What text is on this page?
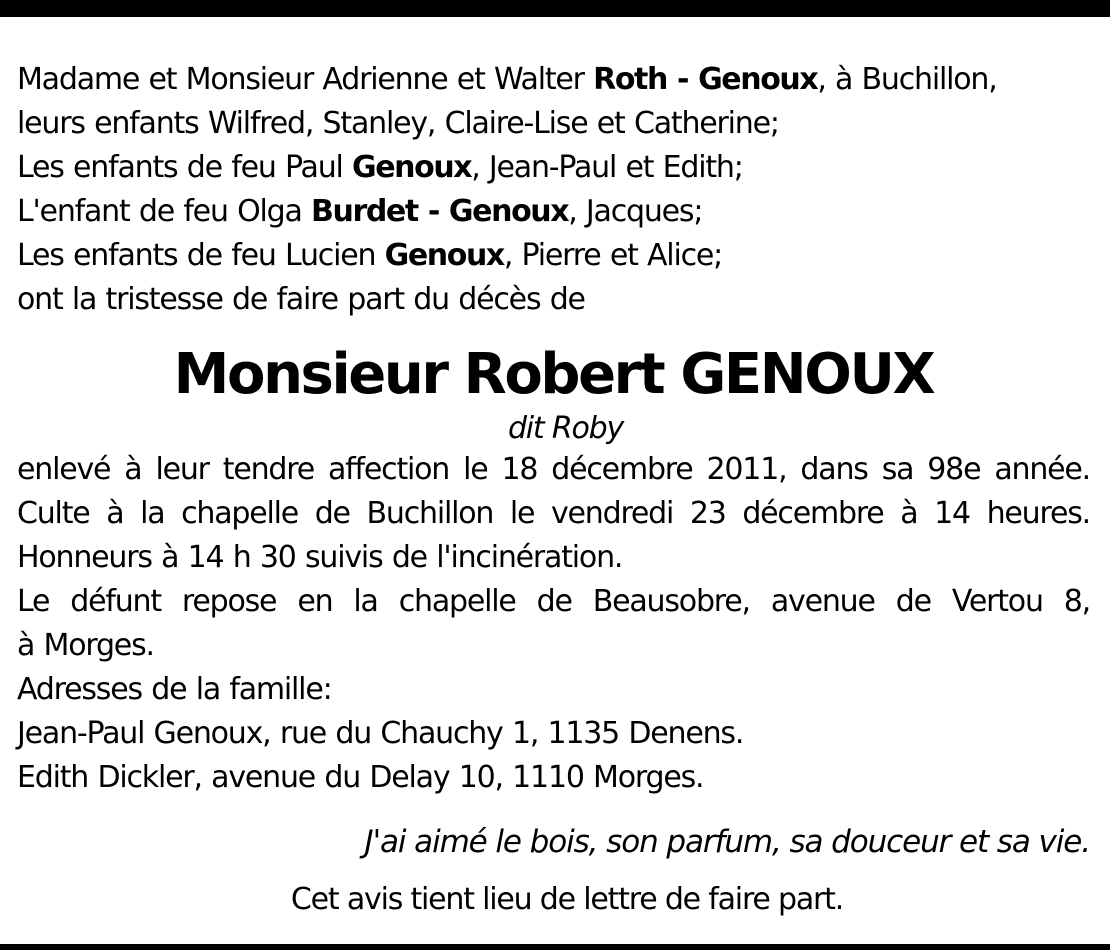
Madame et Monsieur Adrienne et Walter Roth - Genoux, à Buchillon,
leurs enfants Wilfred, Stanley, Claire-Lise et Catherine;
Les enfants de feu Paul Genoux, Jean-Paul et Edith;
L'enfant de feu Olga Burdet - Genoux, Jacques;
Les enfants de feu Lucien Genoux, Pierre et Alice;
ont la tristesse de faire part du décès de
Monsieur Robert GENOUX
dit Roby
enlevé à leur tendre affection le 18 décembre 2011, dans sa 98e année.
Culte à la chapelle de Buchillon le vendredi 23 décembre à 14 heures.
Honneurs à 14 h 30 suivis de l'incinération.
Le défunt repose en la chapelle de Beausobre, avenue de Vertou 8,
à Morges.
Adresses de la famille:
Jean-Paul Genoux, rue du Chauchy 1, 1135 Denens.
Edith Dickler, avenue du Delay 10, 1110 Morges.
J'ai aimé le bois, son parfum, sa douceur et sa vie.
Cet avis tient lieu de lettre de faire part.
